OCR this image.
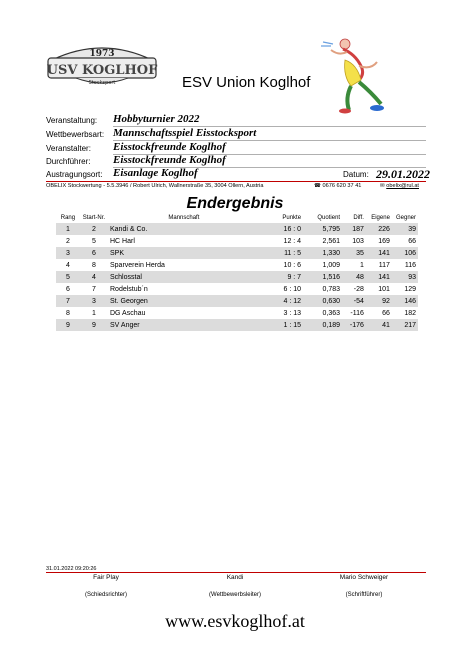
1973
USV KOGLHOF
Stocksport	ESV Union Koglhof
Veranstaltung:	Hobbyturnier 2022
Wettbewerbsart: Mannschaftsspiel Eisstocksport
Veranstalter:	Eisstockfreunde Koglhof
Durchführer:	Eisstockfreunde Koglhof
Austragungsort: Eisanlage Koglhof	Datum: 29.01.2022
OBELIX Stockwertung - 5.5.3946 / Robert Ulrich, Wallnerstraße 35, 3004 Ollern, Austria	☎ 0676 620 37 41	✉ obelix@rul.at
Endergebnis
Rang	Start-Nr.	Mannschaft	Punkte	Quotient	Diff.	Eigene	Gegner
1	2	Kandi & Co.	16 : 0	5,795	187	226	39
2	5	HC Harl	12 : 4	2,561	103	169	66
3	6	SPK	11 : 5	1,330	35	141	106
4	8	Sparverein Herda	10 : 6	1,009	1	117	116
5	4	Schlosstal	9 : 7	1,516	48	141	93
6	7	Rodelstub´n	6 : 10	0,783	-28	101	129
7	3	St. Georgen	4 : 12	0,630	-54	92	146
8	1	DG Aschau	3 : 13	0,363	-116	66	182
9	9	SV Anger	1 : 15	0,189	-176	41	217
31.01.2022 09:20:26
Fair Play
(Schiedsrichter)
Kandi
(Wettbewerbsleiter)
Mario Schweiger
(Schriftführer)
www.esvkoglhof.at
